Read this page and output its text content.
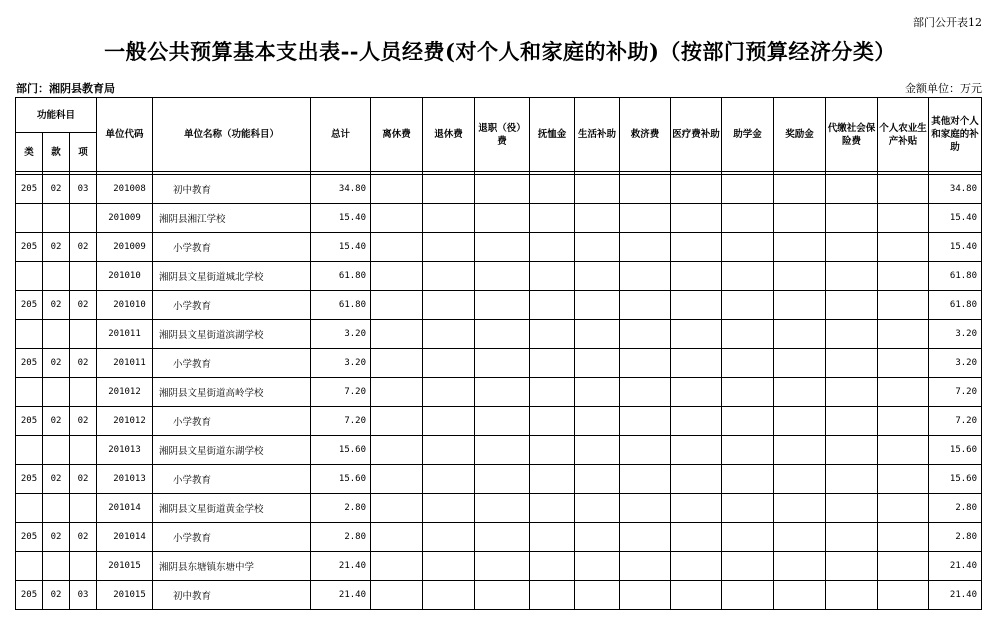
部门公开表12
一般公共预算基本支出表--人员经费(对个人和家庭的补助)（按部门预算经济分类）
部门：湘阴县教育局	金额单位：万元
功能科目			单位代码	单位名称（功能科目）	总计	离休费	退休费	退职（役）费	抚恤金	生活补助	救济费	医疗费补助	助学金	奖励金	代缴社会保险费	个人农业生产补贴	其他对个人和家庭的补助
类	款	项															

205	02	03	201008	初中教育	34.80												34.80
			201009	湘阴县湘江学校	15.40												15.40
205	02	02	201009	小学教育	15.40												15.40
			201010	湘阴县文星街道城北学校	61.80												61.80
205	02	02	201010	小学教育	61.80												61.80
			201011	湘阴县文星街道滨湖学校	3.20												3.20
205	02	02	201011	小学教育	3.20												3.20
			201012	湘阴县文星街道高岭学校	7.20												7.20
205	02	02	201012	小学教育	7.20												7.20
			201013	湘阴县文星街道东湖学校	15.60												15.60
205	02	02	201013	小学教育	15.60												15.60
			201014	湘阴县文星街道黄金学校	2.80												2.80
205	02	02	201014	小学教育	2.80												2.80
			201015	湘阴县东塘镇东塘中学	21.40												21.40
205	02	03	201015	初中教育	21.40												21.40
